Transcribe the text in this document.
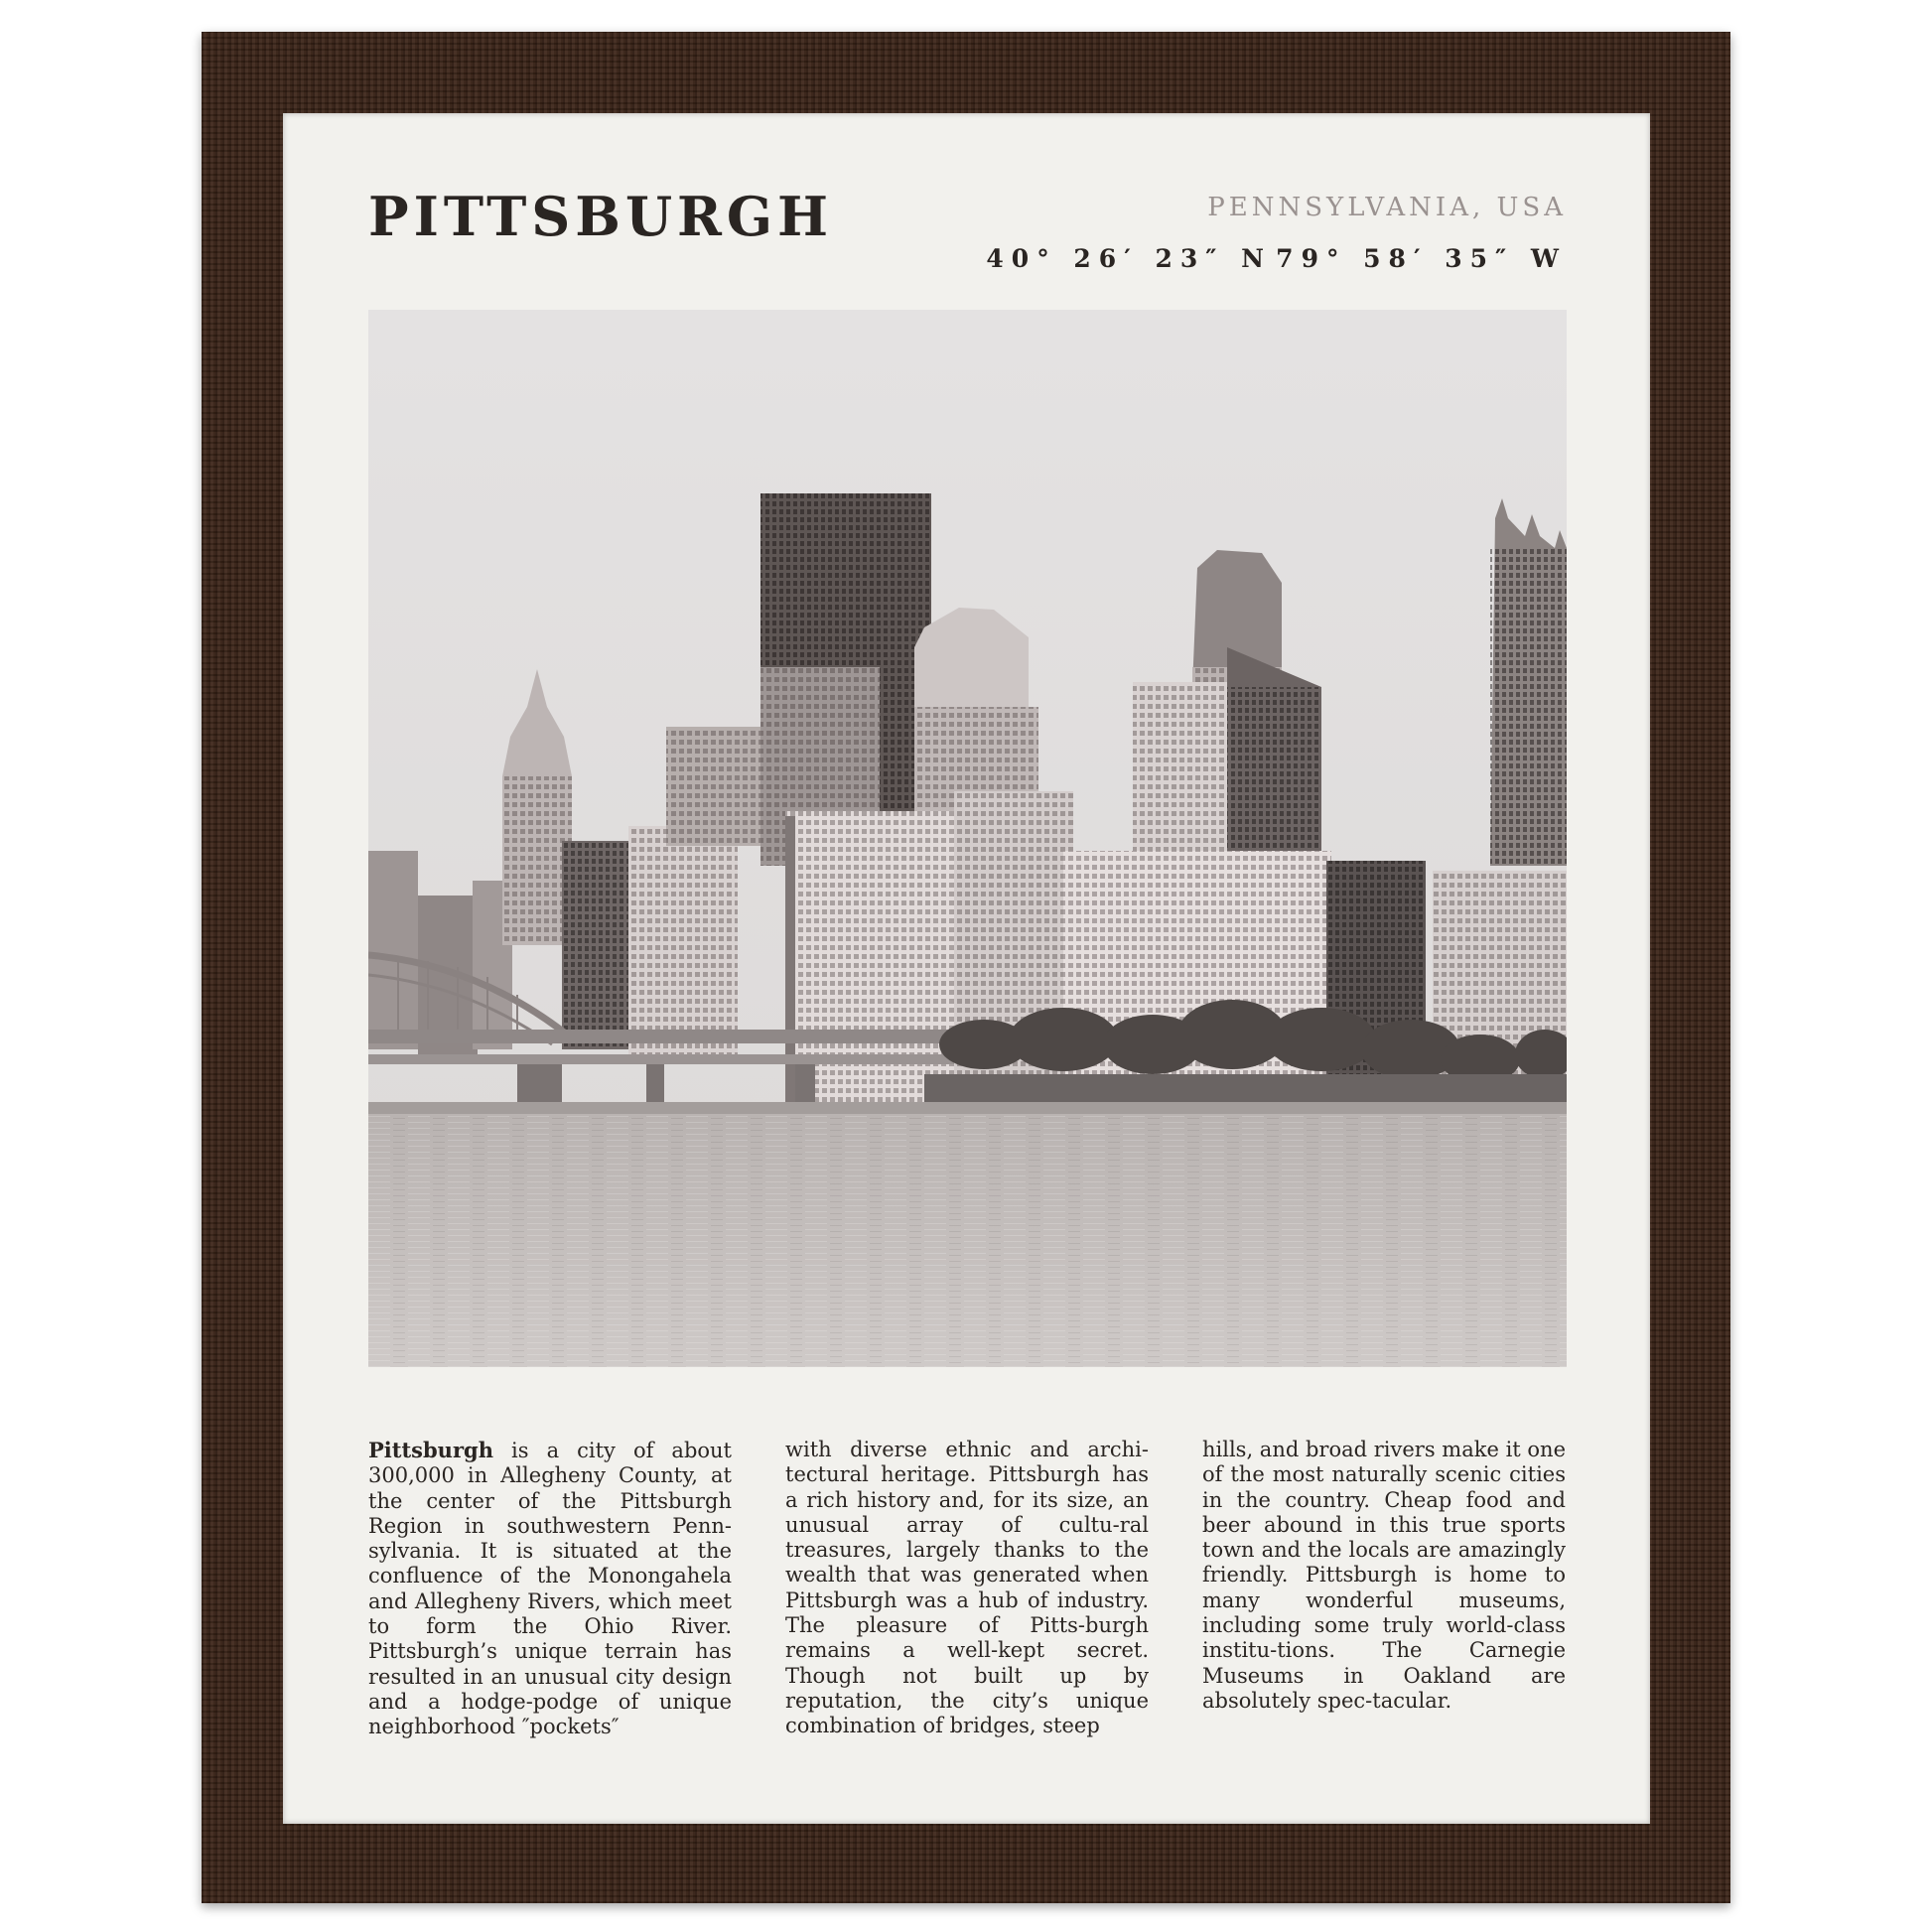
PITTSBURGH	PENNSYLVANIA, USA
40° 26′ 23″ N 79° 58′ 35″ W
Pittsburgh is a city of about 300,000 in Allegheny County, at the center of the Pittsburgh Region in southwestern Penn-sylvania. It is situated at the confluence of the Monongahela and Allegheny Rivers, which meet to form the Ohio River. Pittsburgh’s unique terrain has resulted in an unusual city design and a hodge-podge of unique neighborhood ″pockets″
with diverse ethnic and archi-tectural heritage. Pittsburgh has a rich history and, for its size, an unusual array of cultu-ral treasures, largely thanks to the wealth that was generated when Pittsburgh was a hub of industry. The pleasure of Pitts-burgh remains a well-kept secret. Though not built up by reputation, the city’s unique combination of bridges, steep
hills, and broad rivers make it one of the most naturally scenic cities in the country. Cheap food and beer abound in this true sports town and the locals are amazingly friendly. Pittsburgh is home to many wonderful museums, including some truly world-class institu-tions. The Carnegie Museums in Oakland are absolutely spec-tacular.
